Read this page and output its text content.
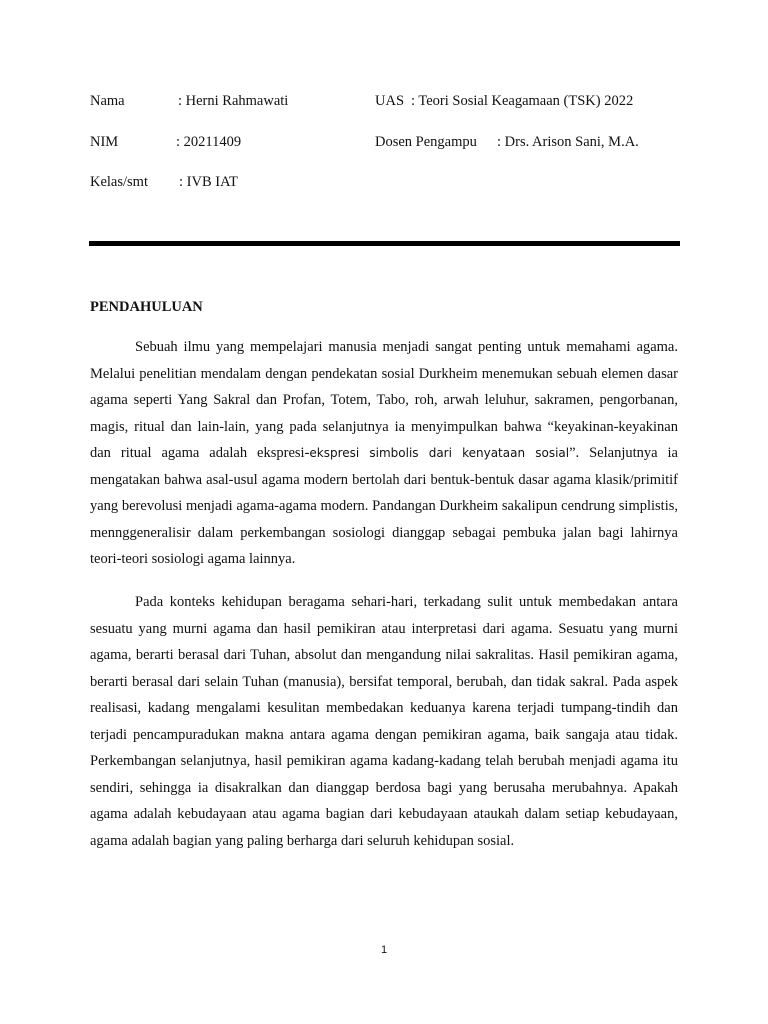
Nama	: Herni Rahmawati	UAS : Teori Sosial Keagamaan (TSK) 2022
NIM	: 20211409	Dosen Pengampu : Drs. Arison Sani, M.A.
Kelas/smt : IVB IAT
PENDAHULUAN

Sebuah ilmu yang mempelajari manusia menjadi sangat penting untuk memahami agama. Melalui penelitian mendalam dengan pendekatan sosial Durkheim menemukan sebuah elemen dasar agama seperti Yang Sakral dan Profan, Totem, Tabo, roh, arwah leluhur, sakramen, pengorbanan, magis, ritual dan lain-lain, yang pada selanjutnya ia menyimpulkan bahwa “keyakinan-keyakinan dan ritual agama adalah ekspresi-ekspresi simbolis dari kenyataan sosial”. Selanjutnya ia mengatakan bahwa asal-usul agama modern bertolah dari bentuk-bentuk dasar agama klasik/primitif yang berevolusi menjadi agama-agama modern. Pandangan Durkheim sakalipun cendrung simplistis, mennggeneralisir dalam perkembangan sosiologi dianggap sebagai pembuka jalan bagi lahirnya teori-teori sosiologi agama lainnya.

Pada konteks kehidupan beragama sehari-hari, terkadang sulit untuk membedakan antara sesuatu yang murni agama dan hasil pemikiran atau interpretasi dari agama. Sesuatu yang murni agama, berarti berasal dari Tuhan, absolut dan mengandung nilai sakralitas. Hasil pemikiran agama, berarti berasal dari selain Tuhan (manusia), bersifat temporal, berubah, dan tidak sakral. Pada aspek realisasi, kadang mengalami kesulitan membedakan keduanya karena terjadi tumpang-tindih dan terjadi pencampuradukan makna antara agama dengan pemikiran agama, baik sangaja atau tidak. Perkembangan selanjutnya, hasil pemikiran agama kadang-kadang telah berubah menjadi agama itu sendiri, sehingga ia disakralkan dan dianggap berdosa bagi yang berusaha merubahnya. Apakah agama adalah kebudayaan atau agama bagian dari kebudayaan ataukah dalam setiap kebudayaan, agama adalah bagian yang paling berharga dari seluruh kehidupan sosial.

1
